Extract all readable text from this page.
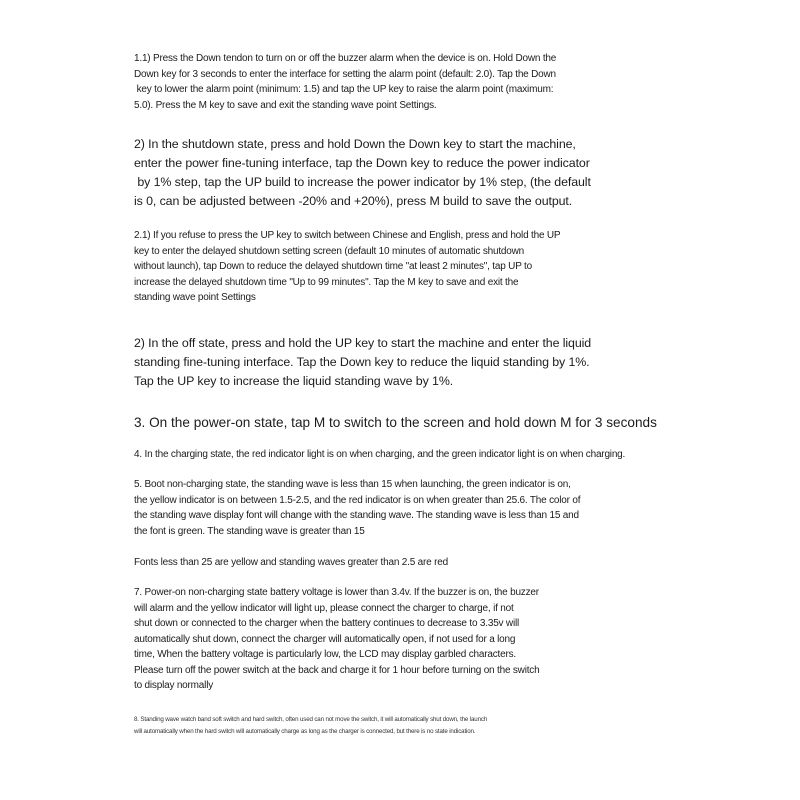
1.1) Press the Down tendon to turn on or off the buzzer alarm when the device is on. Hold Down the
Down key for 3 seconds to enter the interface for setting the alarm point (default: 2.0). Tap the Down
key to lower the alarm point (minimum: 1.5) and tap the UP key to raise the alarm point (maximum:
5.0). Press the M key to save and exit the standing wave point Settings.

2) In the shutdown state, press and hold Down the Down key to start the machine,
enter the power fine-tuning interface, tap the Down key to reduce the power indicator
by 1% step, tap the UP build to increase the power indicator by 1% step, (the default
is 0, can be adjusted between -20% and +20%), press M build to save the output.

2.1) If you refuse to press the UP key to switch between Chinese and English, press and hold the UP
key to enter the delayed shutdown setting screen (default 10 minutes of automatic shutdown
without launch), tap Down to reduce the delayed shutdown time "at least 2 minutes", tap UP to
increase the delayed shutdown time "Up to 99 minutes". Tap the M key to save and exit the
standing wave point Settings

2) In the off state, press and hold the UP key to start the machine and enter the liquid
standing fine-tuning interface. Tap the Down key to reduce the liquid standing by 1%.
Tap the UP key to increase the liquid standing wave by 1%.

3. On the power-on state, tap M to switch to the screen and hold down M for 3 seconds

4. In the charging state, the red indicator light is on when charging, and the green indicator light is on when charging.

5. Boot non-charging state, the standing wave is less than 15 when launching, the green indicator is on,
the yellow indicator is on between 1.5-2.5, and the red indicator is on when greater than 25.6. The color of
the standing wave display font will change with the standing wave. The standing wave is less than 15 and
the font is green. The standing wave is greater than 15

Fonts less than 25 are yellow and standing waves greater than 2.5 are red

7. Power-on non-charging state battery voltage is lower than 3.4v. If the buzzer is on, the buzzer
will alarm and the yellow indicator will light up, please connect the charger to charge, if not
shut down or connected to the charger when the battery continues to decrease to 3.35v will
automatically shut down, connect the charger will automatically open, if not used for a long
time, When the battery voltage is particularly low, the LCD may display garbled characters.
Please turn off the power switch at the back and charge it for 1 hour before turning on the switch
to display normally

8. Standing wave watch band soft switch and hard switch, often used can not move the switch, it will automatically shut down, the launch
will automatically when the hard switch will automatically charge as long as the charger is connected, but there is no state indication.
